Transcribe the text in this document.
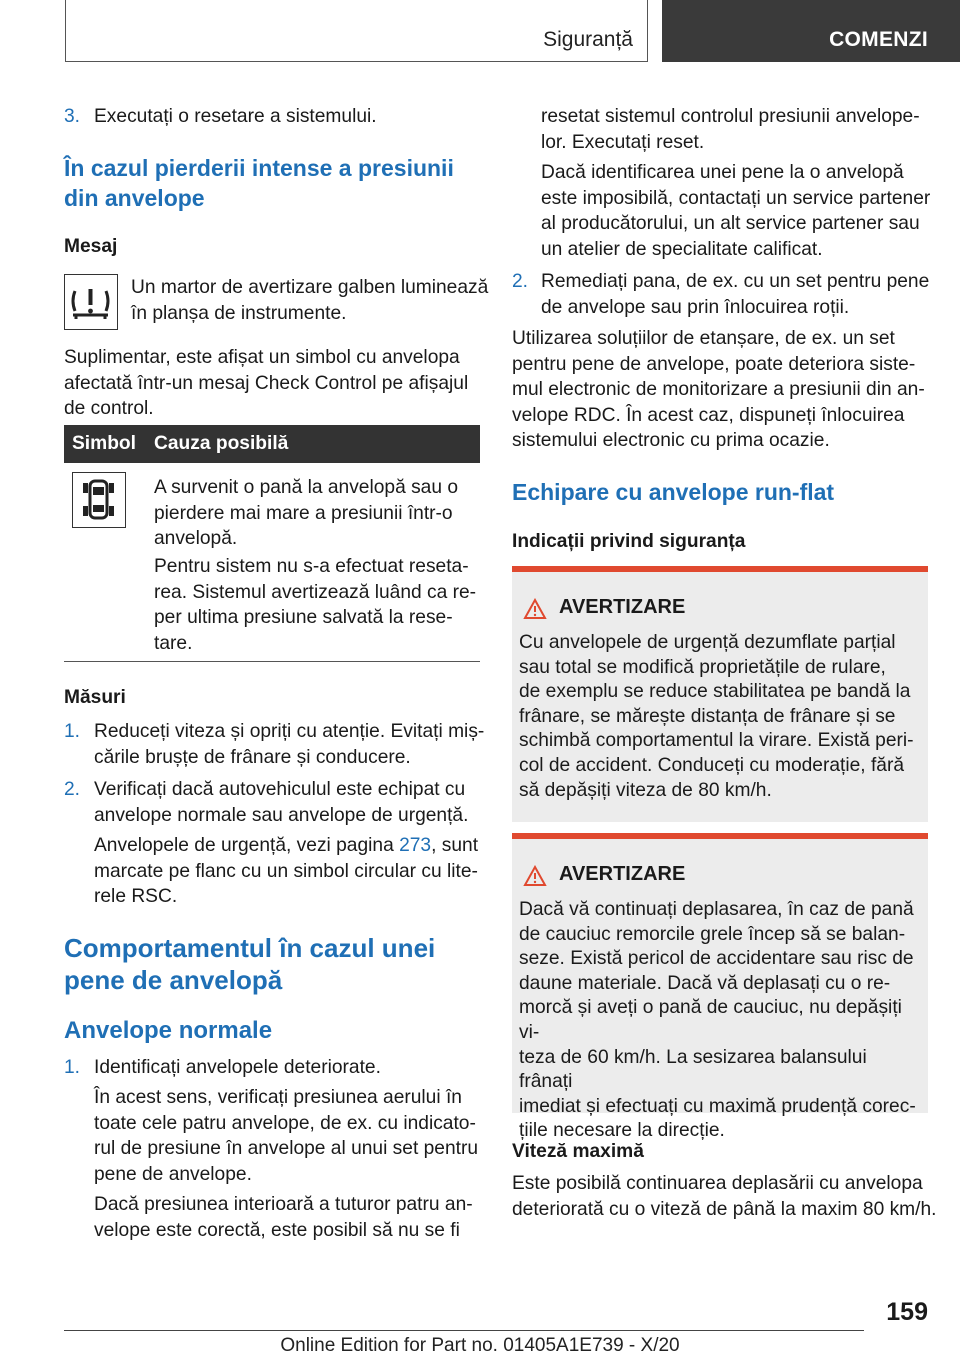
Siguranță	COMENZI
3. Executați o resetare a sistemului.

În cazul pierderii intense a presiunii
din anvelope

Mesaj

Un martor de avertizare galben luminează
în planșa de instrumente.

Suplimentar, este afișat un simbol cu anvelopa
afectată într-un mesaj Check Control pe afișajul
de control.

Simbol Cauza posibilă

A survenit o pană la anvelopă sau o
pierdere mai mare a presiunii într-o
anvelopă.

Pentru sistem nu s-a efectuat reseta-
rea. Sistemul avertizează luând ca re-
per ultima presiune salvată la rese-
tare.

Măsuri

1. Reduceți viteza și opriți cu atenție. Evitați miș-
cările brușțe de frânare și conducere.

2. Verificați dacă autovehiculul este echipat cu
anvelope normale sau anvelope de urgență.

Anvelopele de urgență, vezi pagina 273, sunt
marcate pe flanc cu un simbol circular cu lite-
rele RSC.

Comportamentul în cazul unei
pene de anvelopă
Anvelope normale
1. Identificați anvelopele deteriorate.

În acest sens, verificați presiunea aerului în
toate cele patru anvelope, de ex. cu indicato-
rul de presiune în anvelope al unui set pentru
pene de anvelope.

Dacă presiunea interioară a tuturor patru an-
velope este corectă, este posibil să nu se fi

resetat sistemul controlul presiunii anvelope-
lor. Executați reset.

Dacă identificarea unei pene la o anvelopă
este imposibilă, contactați un service partener
al producătorului, un alt service partener sau
un atelier de specialitate calificat.

2. Remediați pana, de ex. cu un set pentru pene
de anvelope sau prin înlocuirea roții.

Utilizarea soluțiilor de etanșare, de ex. un set
pentru pene de anvelope, poate deteriora siste-
mul electronic de monitorizare a presiunii din an-
velope RDC. În acest caz, dispuneți înlocuirea
sistemului electronic cu prima ocazie.

Echipare cu anvelope run-flat

Indicații privind siguranța

AVERTIZARE

Cu anvelopele de urgență dezumflate parțial
sau total se modifică proprietățile de rulare,
de exemplu se reduce stabilitatea pe bandă la
frânare, se mărește distanța de frânare și se
schimbă comportamentul la virare. Există peri-
col de accident. Conduceți cu moderație, fără
să depășiți viteza de 80 km/h.

AVERTIZARE

Dacă vă continuați deplasarea, în caz de pană
de cauciuc remorcile grele încep să se balan-
seze. Există pericol de accidentare sau risc de
daune materiale. Dacă vă deplasați cu o re-
morcă și aveți o pană de cauciuc, nu depășiți vi-
teza de 60 km/h. La sesizarea balansului frânați
imediat și efectuați cu maximă prudență corec-
țiile necesare la direcție.

Viteză maximă

Este posibilă continuarea deplasării cu anvelopa
deteriorată cu o viteză de până la maxim 80 km/h.

159
Online Edition for Part no. 01405A1E739 - X/20
